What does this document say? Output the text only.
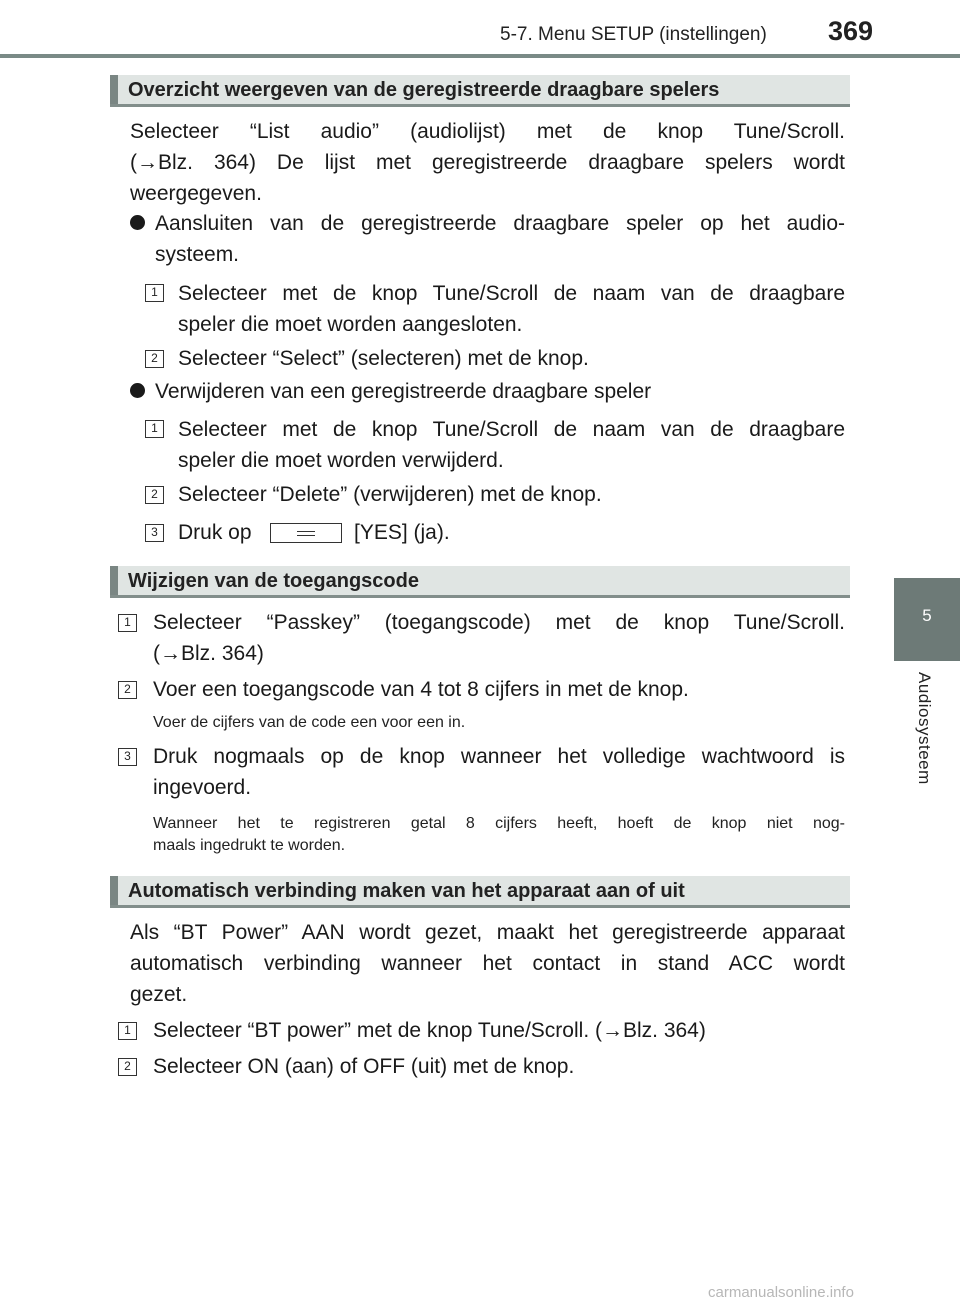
5-7. Menu SETUP (instellingen) 369
5
Audiosysteem
Overzicht weergeven van de geregistreerde draagbare spelers
Selecteer “List audio” (audiolijst) met de knop Tune/Scroll.
(→Blz. 364) De lijst met geregistreerde draagbare spelers wordt
weergegeven.
Aansluiten van de geregistreerde draagbare speler op het audio-
systeem.
1 Selecteer met de knop Tune/Scroll de naam van de draagbare
speler die moet worden aangesloten.
2 Selecteer “Select” (selecteren) met de knop.
Verwijderen van een geregistreerde draagbare speler
1 Selecteer met de knop Tune/Scroll de naam van de draagbare
speler die moet worden verwijderd.
2 Selecteer “Delete” (verwijderen) met de knop.
3 Druk op	[YES] (ja).
Wijzigen van de toegangscode
1 Selecteer “Passkey” (toegangscode) met de knop Tune/Scroll.
(→Blz. 364)
2 Voer een toegangscode van 4 tot 8 cijfers in met de knop.
Voer de cijfers van de code een voor een in.
3 Druk nogmaals op de knop wanneer het volledige wachtwoord is
ingevoerd.
Wanneer het te registreren getal 8 cijfers heeft, hoeft de knop niet nog-
maals ingedrukt te worden.
Automatisch verbinding maken van het apparaat aan of uit
Als “BT Power” AAN wordt gezet, maakt het geregistreerde apparaat
automatisch verbinding wanneer het contact in stand ACC wordt
gezet.
1 Selecteer “BT power” met de knop Tune/Scroll. (→Blz. 364)
2 Selecteer ON (aan) of OFF (uit) met de knop.
carmanualsonline.info
